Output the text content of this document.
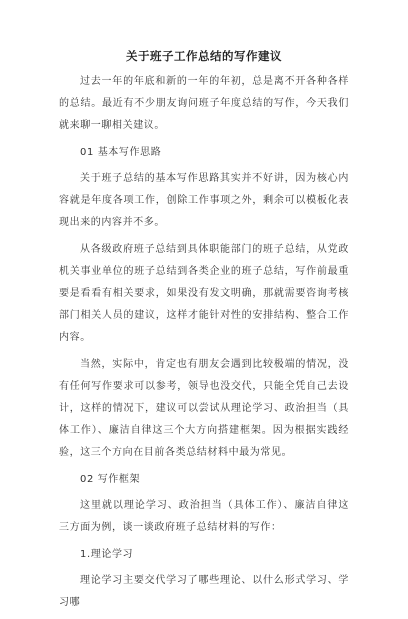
关于班子工作总结的写作建议

过去一年的年底和新的一年的年初，总是离不开各种各样的总结。最近有不少朋友询问班子年度总结的写作，今天我们就来聊一聊相关建议。

01 基本写作思路

关于班子总结的基本写作思路其实并不好讲，因为核心内容就是年度各项工作，创除工作事项之外，剩余可以模板化表现出来的内容并不多。

从各级政府班子总结到具体职能部门的班子总结，从党政机关事业单位的班子总结到各类企业的班子总结，写作前最重要是看看有相关要求，如果没有发文明确，那就需要咨询考核部门相关人员的建议，这样才能针对性的安排结构、整合工作内容。

当然，实际中，肯定也有朋友会遇到比较极端的情况，没有任何写作要求可以参考，领导也没交代，只能全凭自己去设计，这样的情况下，建议可以尝试从理论学习、政治担当（具体工作）、廉洁自律这三个大方向搭建框架。因为根据实践经验，这三个方向在目前各类总结材料中最为常见。

02 写作框架

这里就以理论学习、政治担当（具体工作）、廉洁自律这三方面为例，谈一谈政府班子总结材料的写作：

1.理论学习

理论学习主要交代学习了哪些理论、以什么形式学习、学习哪
